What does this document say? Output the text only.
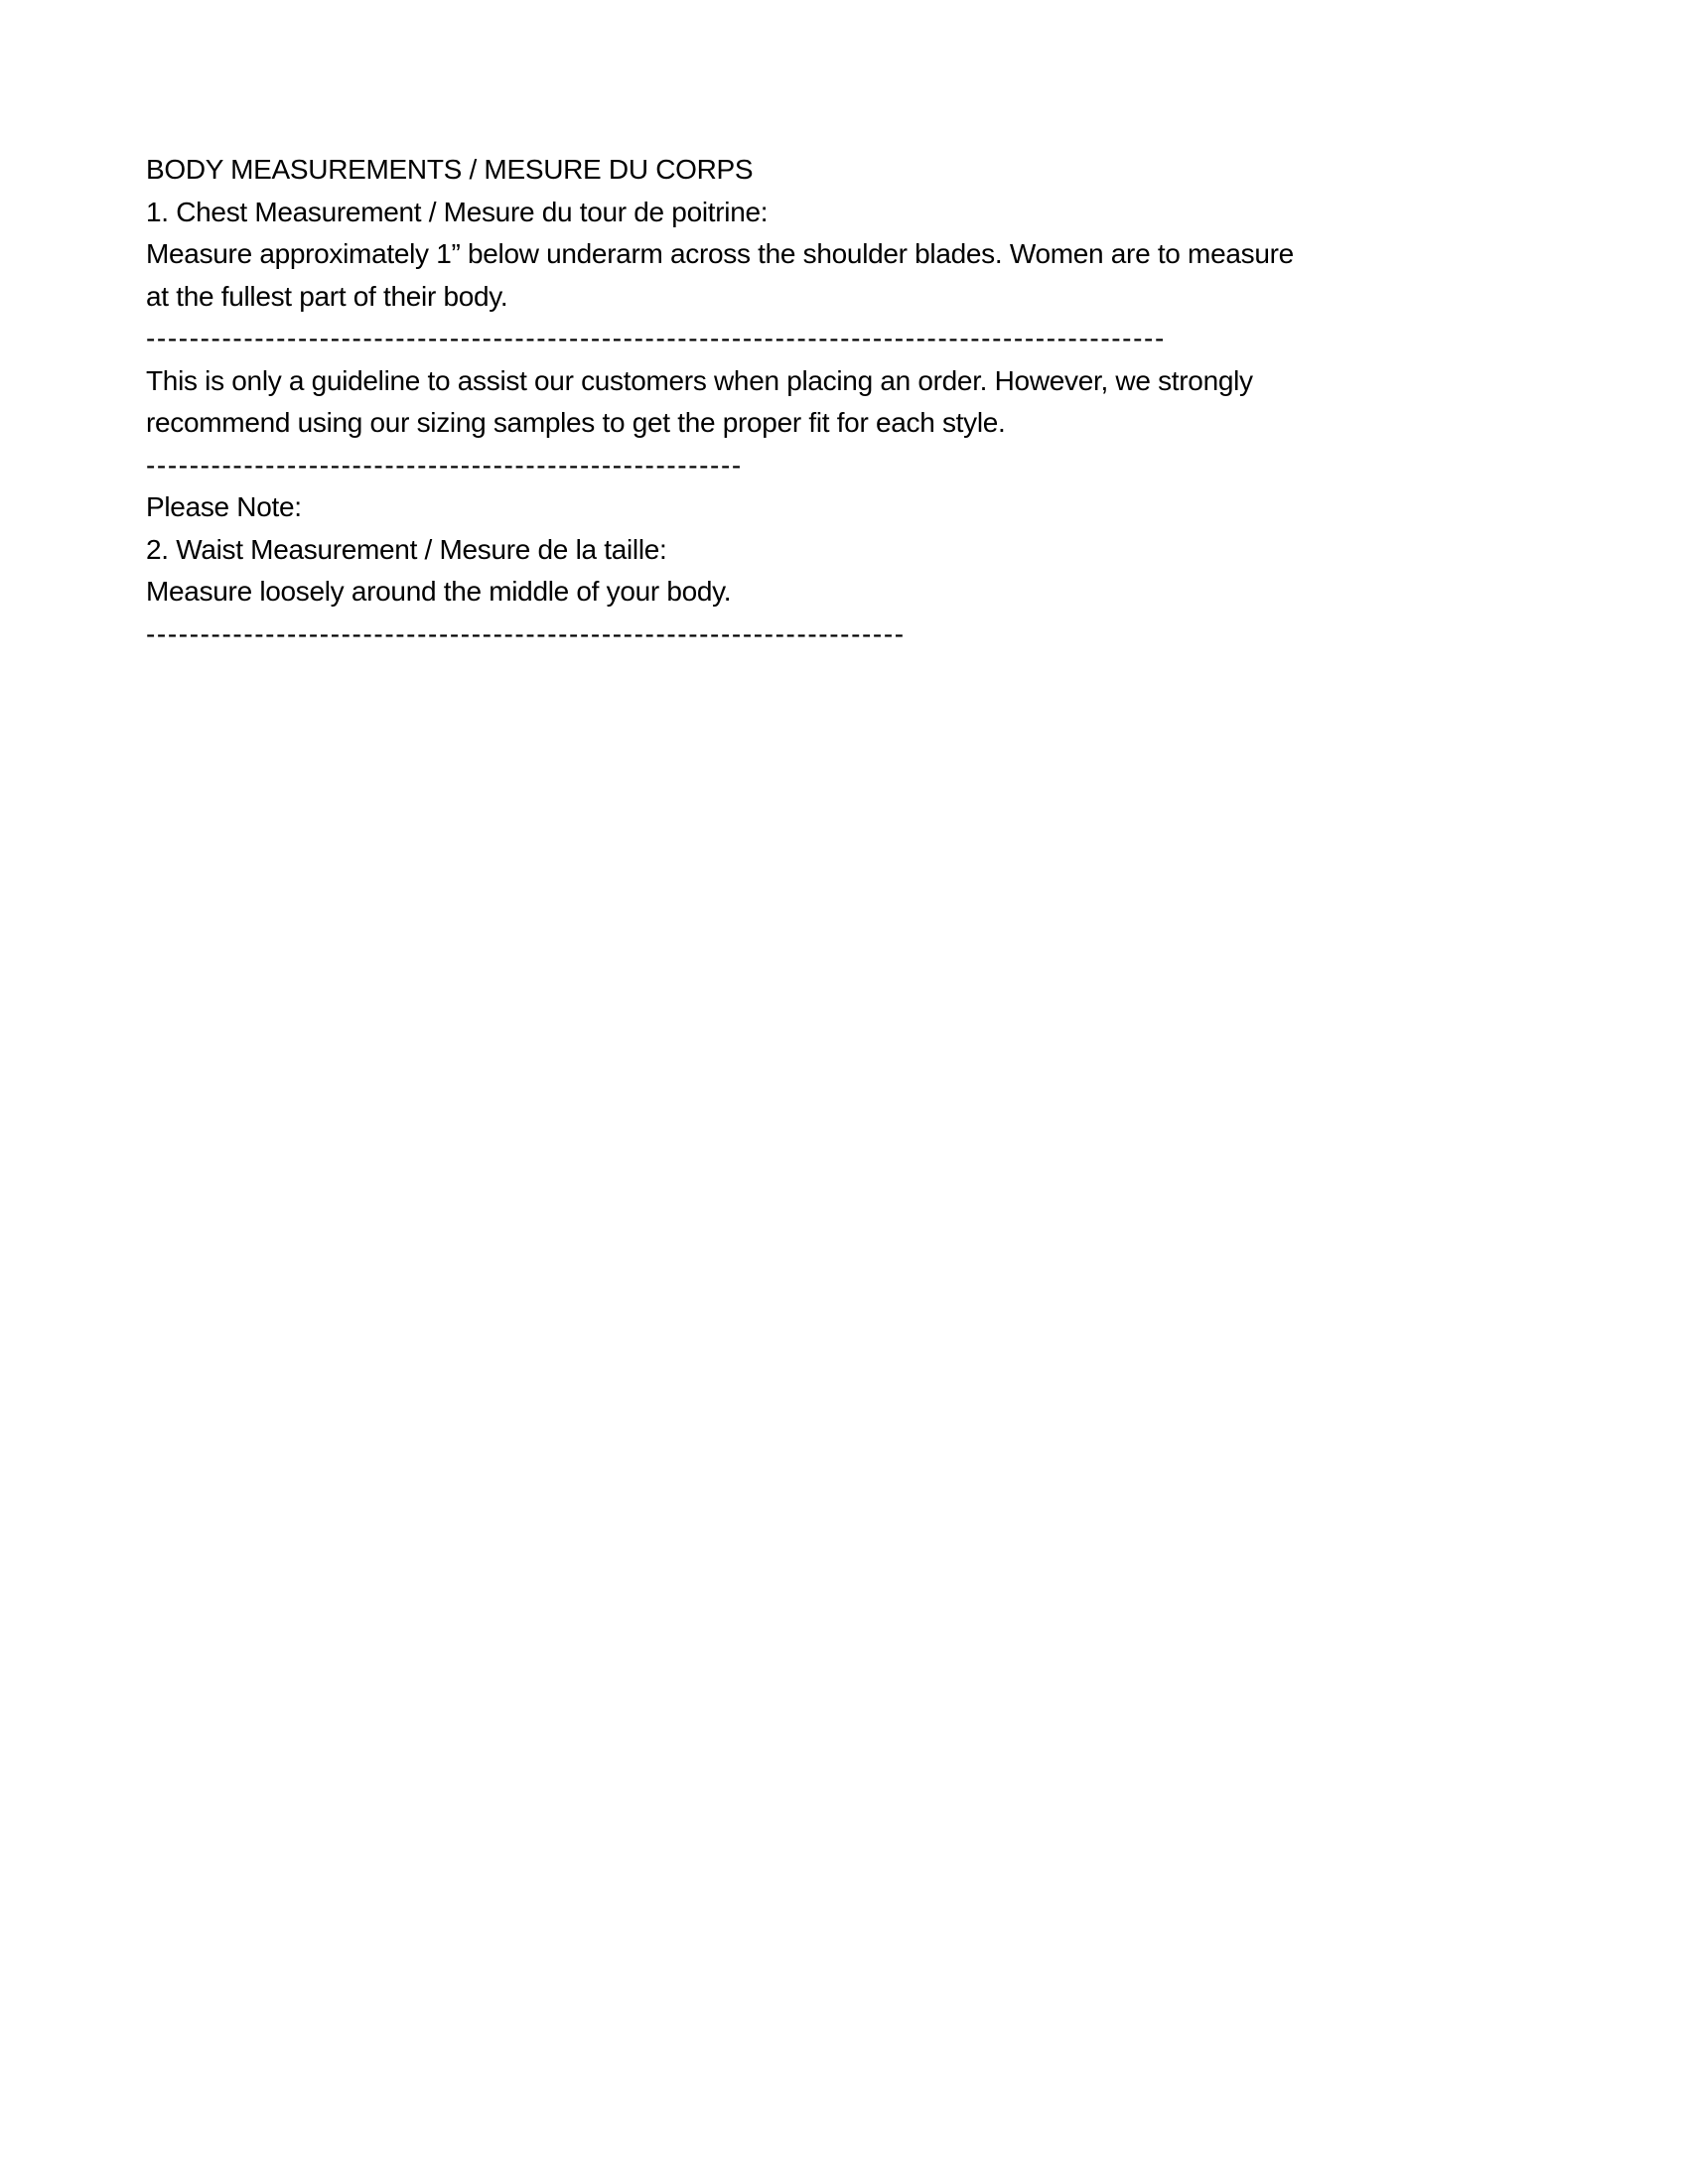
BODY MEASUREMENTS / MESURE DU CORPS
1. Chest Measurement / Mesure du tour de poitrine:
Measure approximately 1” below underarm across the shoulder blades. Women are to measure
at the fullest part of their body.
----------------------------------------------------------------------------------------------
This is only a guideline to assist our customers when placing an order. However, we strongly
recommend using our sizing samples to get the proper fit for each style.
-------------------------------------------------------
Please Note:
2. Waist Measurement / Mesure de la taille:
Measure loosely around the middle of your body.
----------------------------------------------------------------------
